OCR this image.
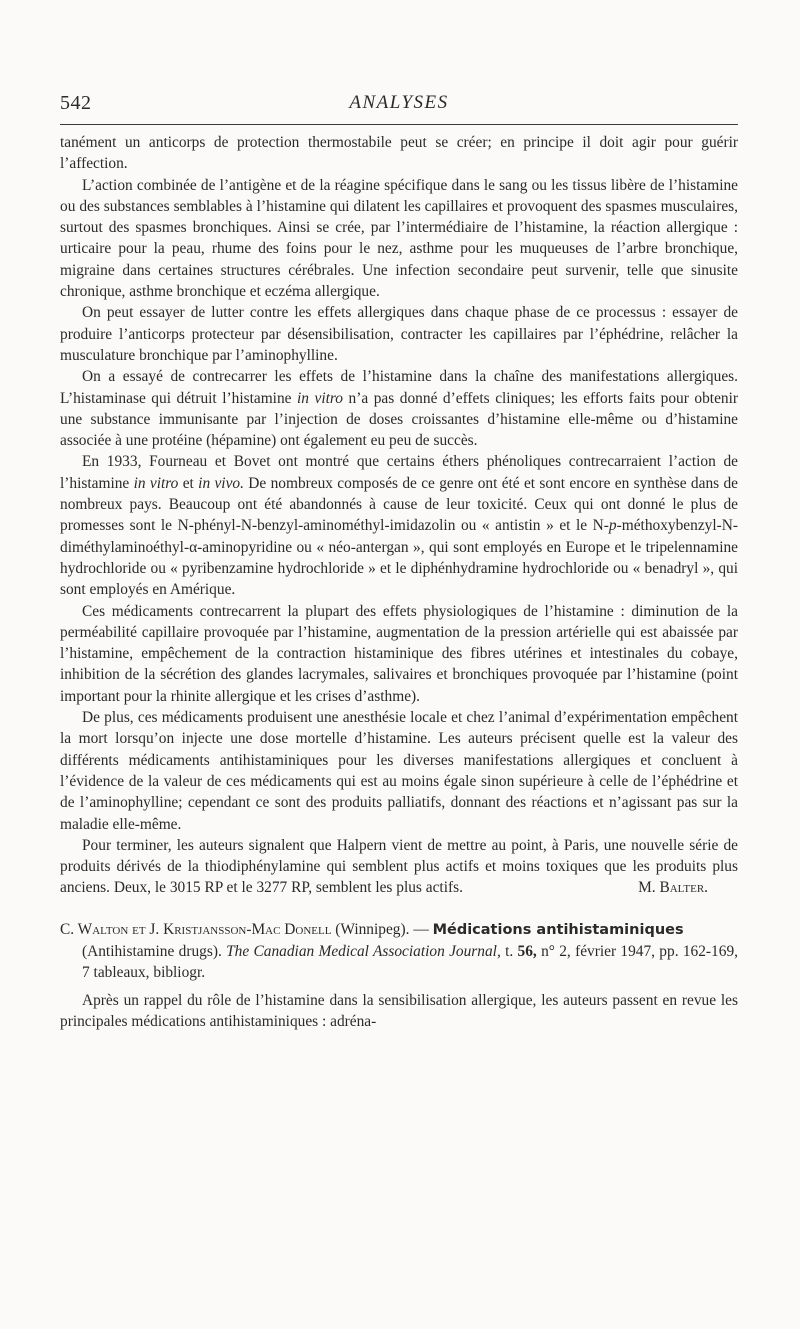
542	ANALYSES

tanément un anticorps de protection thermostabile peut se créer; en principe il doit agir pour guérir l’affection.

L’action combinée de l’antigène et de la réagine spécifique dans le sang ou les tissus libère de l’histamine ou des substances semblables à l’histamine qui dilatent les capillaires et provoquent des spasmes musculaires, surtout des spasmes bronchiques. Ainsi se crée, par l’intermédiaire de l’histamine, la réaction allergique : urticaire pour la peau, rhume des foins pour le nez, asthme pour les muqueuses de l’arbre bronchique, migraine dans certaines structures cérébrales. Une infection secondaire peut survenir, telle que sinusite chronique, asthme bronchique et eczéma allergique.

On peut essayer de lutter contre les effets allergiques dans chaque phase de ce processus : essayer de produire l’anticorps protecteur par désensibilisation, contracter les capillaires par l’éphédrine, relâcher la musculature bronchique par l’aminophylline.

On a essayé de contrecarrer les effets de l’histamine dans la chaîne des manifestations allergiques. L’histaminase qui détruit l’histamine in vitro n’a pas donné d’effets cliniques; les efforts faits pour obtenir une substance immunisante par l’injection de doses croissantes d’histamine elle-même ou d’histamine associée à une protéine (hépamine) ont également eu peu de succès.

En 1933, Fourneau et Bovet ont montré que certains éthers phénoliques contrecarraient l’action de l’histamine in vitro et in vivo. De nombreux composés de ce genre ont été et sont encore en synthèse dans de nombreux pays. Beaucoup ont été abandonnés à cause de leur toxicité. Ceux qui ont donné le plus de promesses sont le N-phényl-N-benzyl-aminométhyl-imidazolin ou « antistin » et le N-p-méthoxybenzyl-N-diméthylaminoéthyl-α-aminopyridine ou « néo-antergan », qui sont employés en Europe et le tripelennamine hydrochloride ou « pyribenzamine hydrochloride » et le diphénhydramine hydrochloride ou « benadryl », qui sont employés en Amérique.

Ces médicaments contrecarrent la plupart des effets physiologiques de l’histamine : diminution de la perméabilité capillaire provoquée par l’histamine, augmentation de la pression artérielle qui est abaissée par l’histamine, empêchement de la contraction histaminique des fibres utérines et intestinales du cobaye, inhibition de la sécrétion des glandes lacrymales, salivaires et bronchiques provoquée par l’histamine (point important pour la rhinite allergique et les crises d’asthme).

De plus, ces médicaments produisent une anesthésie locale et chez l’animal d’expérimentation empêchent la mort lorsqu’on injecte une dose mortelle d’histamine. Les auteurs précisent quelle est la valeur des différents médicaments antihistaminiques pour les diverses manifestations allergiques et concluent à l’évidence de la valeur de ces médicaments qui est au moins égale sinon supérieure à celle de l’éphédrine et de l’aminophylline; cependant ce sont des produits palliatifs, donnant des réactions et n’agissant pas sur la maladie elle-même.

Pour terminer, les auteurs signalent que Halpern vient de mettre au point, à Paris, une nouvelle série de produits dérivés de la thiodiphénylamine qui semblent plus actifs et moins toxiques que les produits plus anciens. Deux, le 3015 RP et le 3277 RP, semblent les plus actifs.	M. Balter.

C. Walton et J. Kristjansson-Mac Donell (Winnipeg). — Médications antihistaminiques

(Antihistamine drugs). The Canadian Medical Association Journal, t. 56, n° 2, février 1947, pp. 162-169, 7 tableaux, bibliogr.

Après un rappel du rôle de l’histamine dans la sensibilisation allergique, les auteurs passent en revue les principales médications antihistaminiques : adréna-
